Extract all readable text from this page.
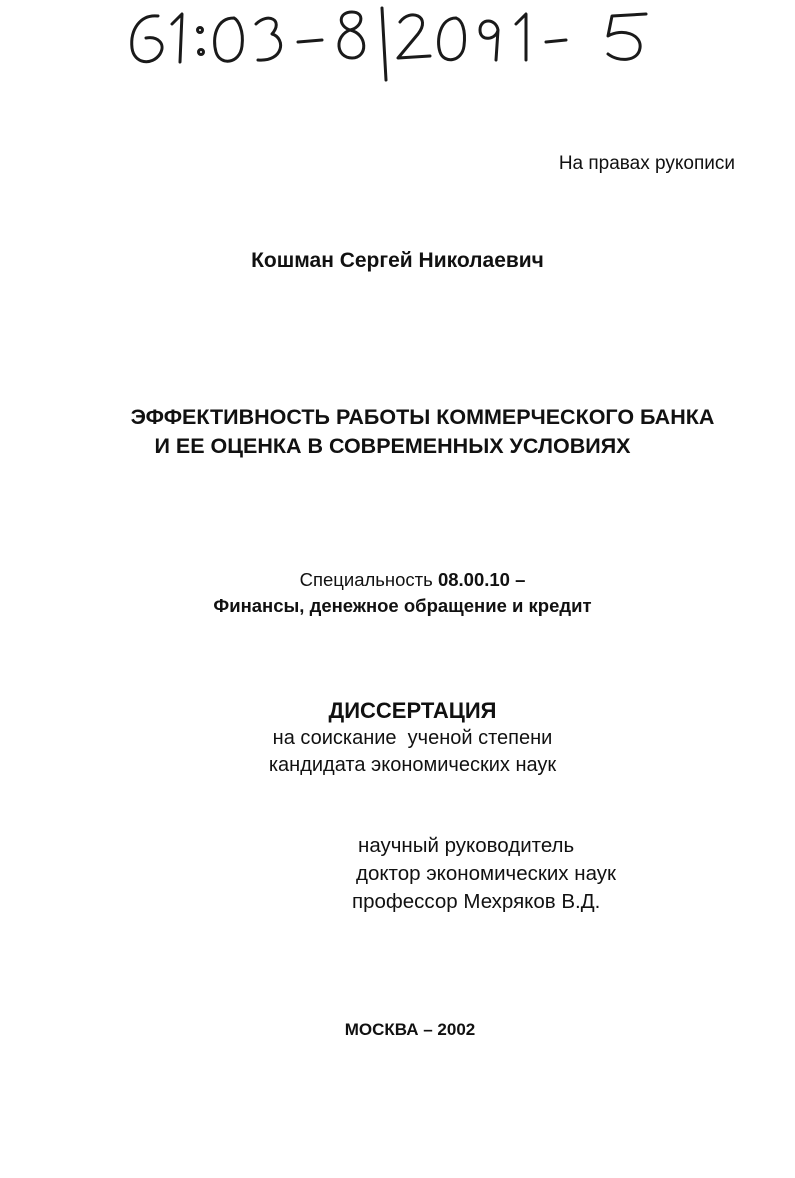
На правах рукописи

Кошман Сергей Николаевич

ЭФФЕКТИВНОСТЬ РАБОТЫ КОММЕРЧЕСКОГО БАНКА
И ЕЕ ОЦЕНКА В СОВРЕМЕННЫХ УСЛОВИЯХ
Специальность 08.00.10 –
Финансы, денежное обращение и кредит

ДИССЕРТАЦИЯ

на соискание  ученой степени
кандидата экономических наук
научный руководитель
доктор экономических наук
профессор Мехряков В.Д.

МОСКВА – 2002
